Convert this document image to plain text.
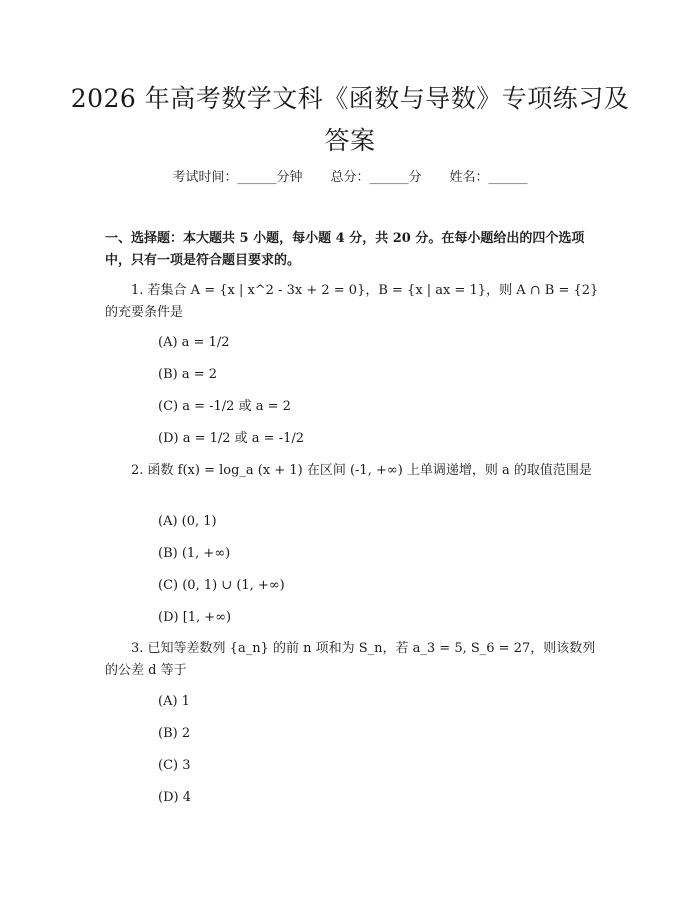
2026 年高考数学文科《函数与导数》专项练习及答案
考试时间：______分钟 总分：______分 姓名：______
一、选择题：本大题共 5 小题，每小题 4 分，共 20 分。在每小题给出的四个选项中，只有一项是符合题目要求的。
1. 若集合 A = {x | x^2 - 3x + 2 = 0}，B = {x | ax = 1}，则 A ∩ B = {2} 的充要条件是
(A) a = 1/2
(B) a = 2
(C) a = -1/2 或 a = 2
(D) a = 1/2 或 a = -1/2
2. 函数 f(x) = log_a (x + 1) 在区间 (-1, +∞) 上单调递增，则 a 的取值范围是
(A) (0, 1)
(B) (1, +∞)
(C) (0, 1) ∪ (1, +∞)
(D) [1, +∞)
3. 已知等差数列 {a_n} 的前 n 项和为 S_n，若 a_3 = 5, S_6 = 27，则该数列的公差 d 等于
(A) 1
(B) 2
(C) 3
(D) 4
